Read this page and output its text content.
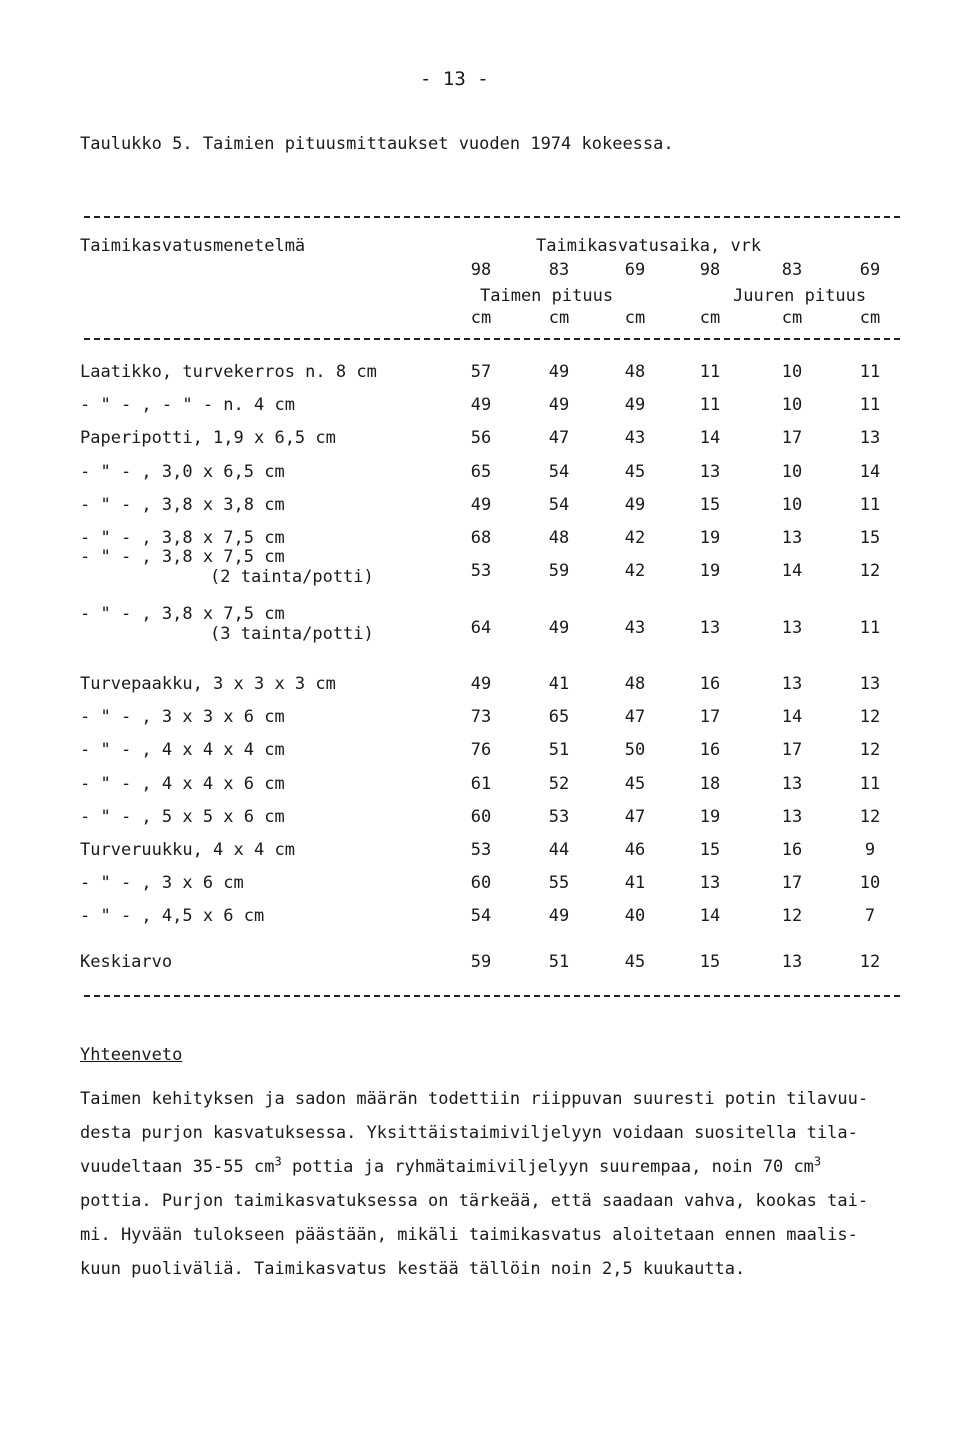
- 13 -
Taulukko 5. Taimien pituusmittaukset vuoden 1974 kokeessa.
Taimikasvatusmenetelmä	Taimikasvatusaika, vrk
98	83	69	98	83	69
Taimen pituus	Juuren pituus
cm	cm	cm	cm	cm	cm
Laatikko, turvekerros n. 8 cm	57	49	48	11	10	11
- " - , - " - n. 4 cm	49	49	49	11	10	11
Paperipotti, 1,9 x 6,5 cm	56	47	43	14	17	13
- " - , 3,0 x 6,5 cm	65	54	45	13	10	14
- " - , 3,8 x 3,8 cm	49	54	49	15	10	11
- " - , 3,8 x 7,5 cm	68	48	42	19	13	15
- " - , 3,8 x 7,5 cm
(2 tainta/potti)	53	59	42	19	14	12
- " - , 3,8 x 7,5 cm
(3 tainta/potti)	64	49	43	13	13	11
Turvepaakku, 3 x 3 x 3 cm	49	41	48	16	13	13
- " - , 3 x 3 x 6 cm	73	65	47	17	14	12
- " - , 4 x 4 x 4 cm	76	51	50	16	17	12
- " - , 4 x 4 x 6 cm	61	52	45	18	13	11
- " - , 5 x 5 x 6 cm	60	53	47	19	13	12
Turveruukku, 4 x 4 cm	53	44	46	15	16	9
- " - , 3 x 6 cm	60	55	41	13	17	10
- " - , 4,5 x 6 cm	54	49	40	14	12	7
Keskiarvo	59	51	45	15	13	12
Yhteenveto

Taimen kehityksen ja sadon määrän todettiin riippuvan suuresti potin tilavuu-

desta purjon kasvatuksessa. Yksittäistaimiviljelyyn voidaan suositella tila-

vuudeltaan 35-55 $cm^3$ pottia ja ryhmätaimiviljelyyn suurempaa, noin 70 $cm^3$

pottia. Purjon taimikasvatuksessa on tärkeää, että saadaan vahva, kookas tai-

mi. Hyvään tulokseen päästään, mikäli taimikasvatus aloitetaan ennen maalis-

kuun puoliväliä. Taimikasvatus kestää tällöin noin 2,5 kuukautta.
